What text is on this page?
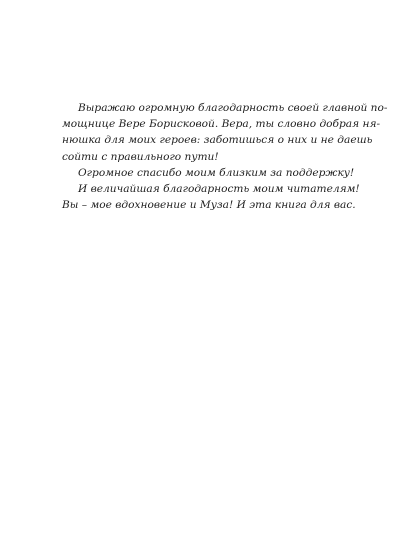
Выражаю огромную благодарность своей главной по-
мощнице Вере Борисковой. Вера, ты словно добрая ня-
нюшка для моих героев: заботишься о них и не даешь
сойти с правильного пути!
Огромное спасибо моим близким за поддержку!
И величайшая благодарность моим читателям!
Вы – мое вдохновение и Муза! И эта книга для вас.
